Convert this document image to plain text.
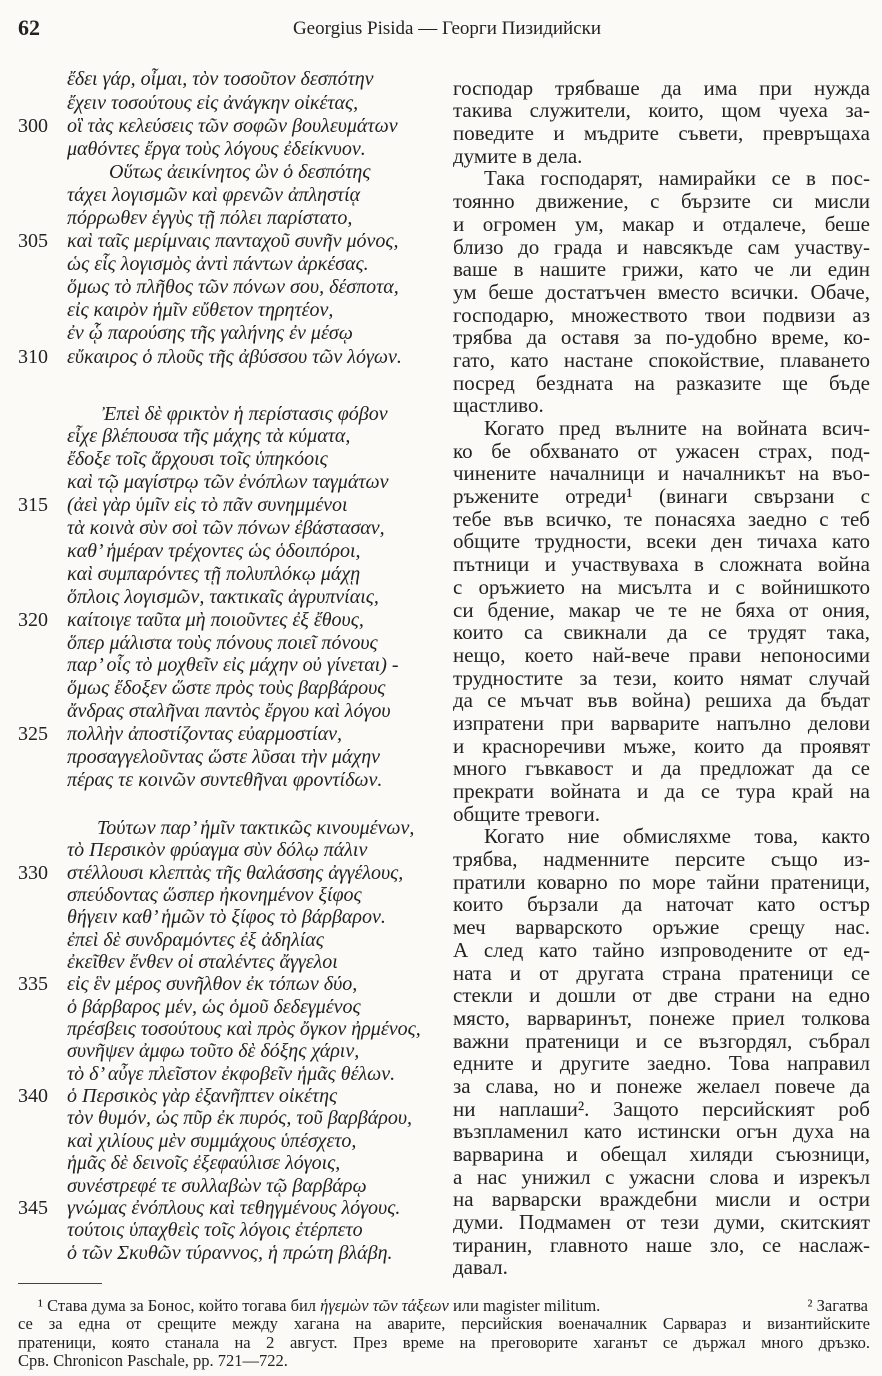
62	Georgius Pisida — Георги Пизидийски
ἔδει γάρ, οἶμαι, τὸν τοσοῦτον δεσπότην
ἔχειν τοσούτους εἰς ἀνάγκην οἰκέτας,
300 οἳ τὰς κελεύσεις τῶν σοφῶν βουλευμάτων
μαθόντες ἔργα τοὺς λόγους ἐδείκνυον.
Οὕτως ἀεικίνητος ὢν ὁ δεσπότης
τάχει λογισμῶν καὶ φρενῶν ἀπληστίᾳ
πόρρωθεν ἐγγὺς τῇ πόλει παρίστατο,
305 καὶ ταῖς μερίμναις πανταχοῦ συνῆν μόνος,
ὡς εἷς λογισμὸς ἀντὶ πάντων ἀρκέσας.
ὅμως τὸ πλῆθος τῶν πόνων σου, δέσποτα,
εἰς καιρὸν ἡμῖν εὔθετον τηρητέον,
ἐν ᾧ παρούσης τῆς γαλήνης ἐν μέσῳ
310 εὔκαιρος ὁ πλοῦς τῆς ἀβύσσου τῶν λόγων.
Ἐπεὶ δὲ φρικτὸν ἡ περίστασις φόβον
εἶχε βλέπουσα τῆς μάχης τὰ κύματα,
ἔδοξε τοῖς ἄρχουσι τοῖς ὑπηκόοις
καὶ τῷ μαγίστρῳ τῶν ἐνόπλων ταγμάτων
315 (ἀεὶ γὰρ ὑμῖν εἰς τὸ πᾶν συνημμένοι
τὰ κοινὰ σὺν σοὶ τῶν πόνων ἐβάστασαν,
καθ’ ἡμέραν τρέχοντες ὡς ὁδοιπόροι,
καὶ συμπαρόντες τῇ πολυπλόκῳ μάχῃ
ὅπλοις λογισμῶν, τακτικαῖς ἀγρυπνίαις,
320 καίτοιγε ταῦτα μὴ ποιοῦντες ἐξ ἔθους,
ὅπερ μάλιστα τοὺς πόνους ποιεῖ πόνους
παρ’ οἷς τὸ μοχθεῖν εἰς μάχην οὐ γίνεται) -
ὅμως ἔδοξεν ὥστε πρὸς τοὺς βαρβάρους
ἄνδρας σταλῆναι παντὸς ἔργου καὶ λόγου
325 πολλὴν ἀποστίζοντας εὐαρμοστίαν,
προσαγγελοῦντας ὥστε λῦσαι τὴν μάχην
πέρας τε κοινῶν συντεθῆναι φροντίδων.
Τούτων παρ’ ἡμῖν τακτικῶς κινουμένων,
τὸ Περσικὸν φρύαγμα σὺν δόλῳ πάλιν
330 στέλλουσι κλεπτὰς τῆς θαλάσσης ἀγγέλους,
σπεύδοντας ὥσπερ ἠκονημένον ξίφος
θήγειν καθ’ ἡμῶν τὸ ξίφος τὸ βάρβαρον.
ἐπεὶ δὲ συνδραμόντες ἐξ ἀδηλίας
ἐκεῖθεν ἔνθεν οἱ σταλέντες ἄγγελοι
335 εἰς ἓν μέρος συνῆλθον ἐκ τόπων δύο,
ὁ βάρβαρος μέν, ὡς ὁμοῦ δεδεγμένος
πρέσβεις τοσούτους καὶ πρὸς ὄγκον ἠρμένος,
συνῆψεν ἀμφω τοῦτο δὲ δόξης χάριν,
τὸ δ’ αὖγε πλεῖστον ἐκφοβεῖν ἡμᾶς θέλων.
340 ὁ Περσικὸς γὰρ ἐξανῆπτεν οἰκέτης
τὸν θυμόν, ὡς πῦρ ἐκ πυρός, τοῦ βαρβάρου,
καὶ χιλίους μὲν συμμάχους ὑπέσχετο,
ἡμᾶς δὲ δεινοῖς ἐξεφαύλισε λόγοις,
συνέστρεφέ τε συλλαβὼν τῷ βαρβάρῳ
345 γνώμας ἐνόπλους καὶ τεθηγμένους λόγους.
τούτοις ὑπαχθεὶς τοῖς λόγοις ἐτέρπετο
ὁ τῶν Σκυθῶν τύραννος, ἡ πρώτη βλάβη.
господар трябваше да има при нужда
такива служители, които, щом чуеха за-
поведите и мъдрите съвети, превръщаха
думите в дела.
Така господарят, намирайки се в пос-
тоянно движение, с бързите си мисли
и огромен ум, макар и отдалече, беше
близо до града и навсякъде сам участву-
ваше в нашите грижи, като че ли един
ум беше достатъчен вместо всички. Обаче,
господарю, множеството твои подвизи аз
трябва да оставя за по-удобно време, ко-
гато, като настане спокойствие, плаването
посред бездната на разказите ще бъде
щастливо.
Когато пред вълните на войната всич-
ко бе обхванато от ужасен страх, под-
чинените началници и началникът на въо-
ръжените отреди¹ (винаги свързани с
тебе във всичко, те понасяха заедно с теб
общите трудности, всеки ден тичаха като
пътници и участвуваха в сложната война
с оръжието на мисълта и с войнишкото
си бдение, макар че те не бяха от ония,
които са свикнали да се трудят така,
нещо, което най-вече прави непоносими
трудностите за тези, които нямат случай
да се мъчат във война) решиха да бъдат
изпратени при варварите напълно делови
и красноречиви мъже, които да проявят
много гъвкавост и да предложат да се
прекрати войната и да се тура край на
общите тревоги.
Когато ние обмисляхме това, както
трябва, надменните персите също из-
пратили коварно по море тайни пратеници,
които бързали да наточат като остър
меч варварското оръжие срещу нас.
А след като тайно изпроводените от ед-
ната и от другата страна пратеници се
стекли и дошли от две страни на едно
място, варваринът, понеже приел толкова
важни пратеници и се възгордял, събрал
едните и другите заедно. Това направил
за слава, но и понеже желаел повече да
ни наплаши². Защото персийският роб
възпламенил като истински огън духа на
варварина и обещал хиляди съюзници,
а нас унижил с ужасни слова и изрекъл
на варварски враждебни мисли и остри
думи. Подмамен от тези думи, скитският
тиранин, главното наше зло, се наслаж-
давал.
¹ Става дума за Бонос, който тогава бил ἡγεμὼν τῶν τάξεων или magister militum.	² Загатва
се за една от срещите между хагана на аварите, персийския военачалник Сарвараз и византийските
пратеници, която станала на 2 август. През време на преговорите хаганът се държал много дръзко.
Срв. Chronicon Paschale, pp. 721—722.
